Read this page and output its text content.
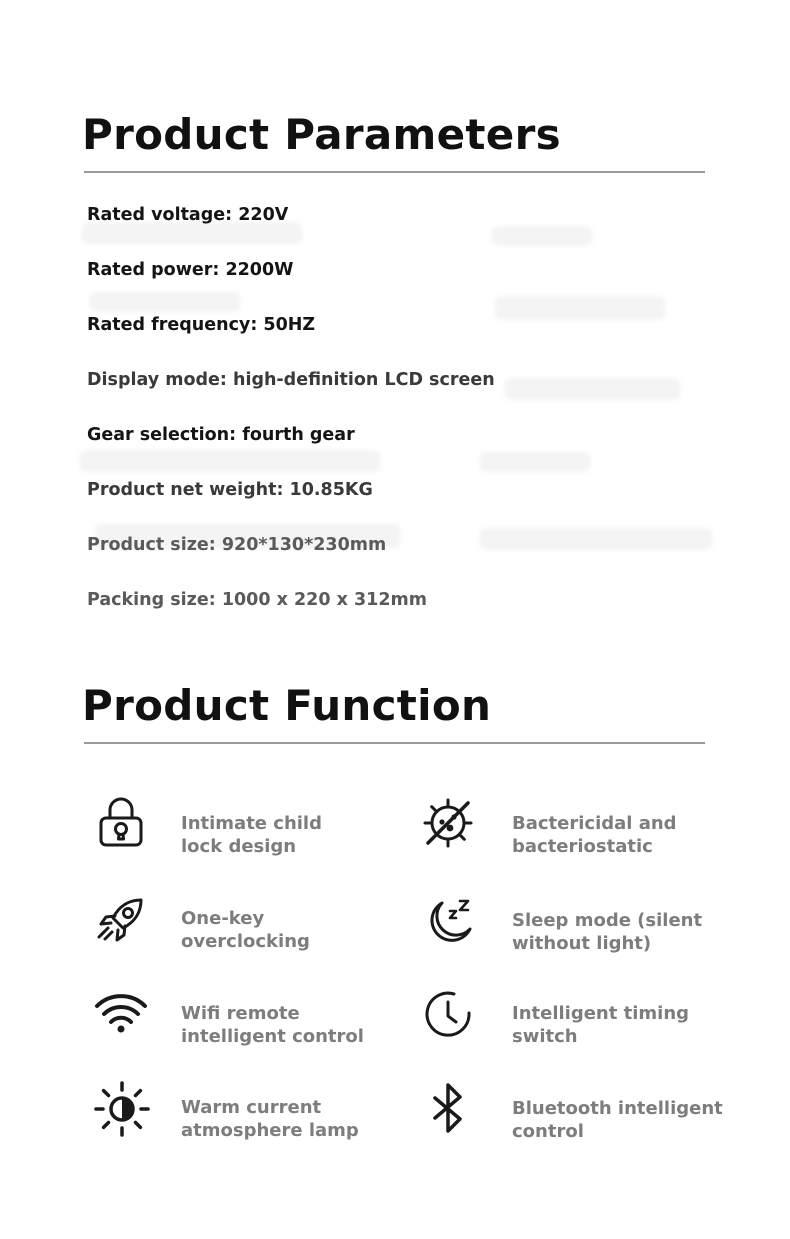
Product Parameters

Rated voltage: 220V

Rated power: 2200W

Rated frequency: 50HZ

Display mode: high-definition LCD screen

Gear selection: fourth gear

Product net weight: 10.85KG

Product size: 920*130*230mm

Packing size: 1000 x 220 x 312mm

Product Function

Intimate child
lock design

Bactericidal and
bacteriostatic

One-key
overclocking

Sleep mode (silent
without light)

Wifi remote
intelligent control

Intelligent timing
switch

Warm current
atmosphere lamp

Bluetooth intelligent
control
